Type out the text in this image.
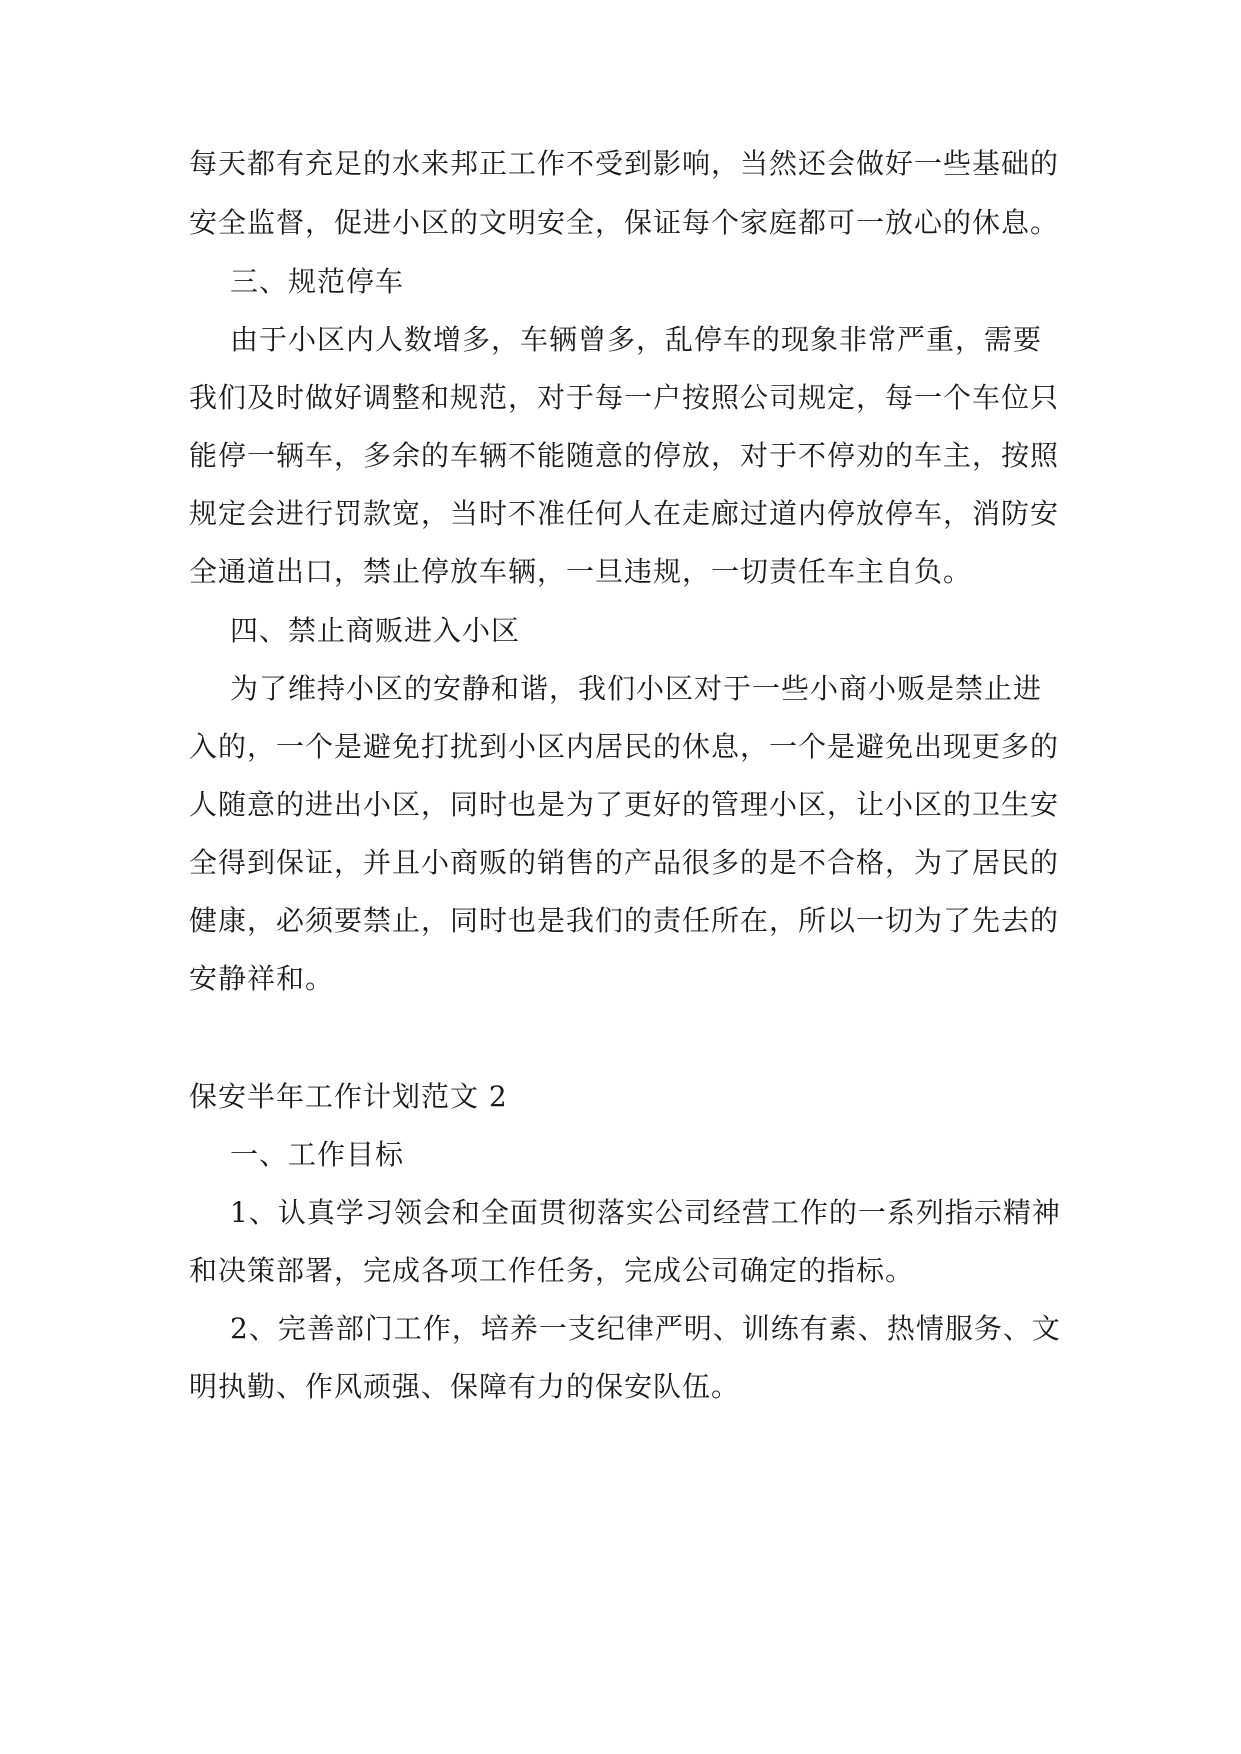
每天都有充足的水来邦正工作不受到影响，当然还会做好一些基础的
安全监督，促进小区的文明安全，保证每个家庭都可一放心的休息。
三、规范停车
由于小区内人数增多，车辆曾多，乱停车的现象非常严重，需要
我们及时做好调整和规范，对于每一户按照公司规定，每一个车位只
能停一辆车，多余的车辆不能随意的停放，对于不停劝的车主，按照
规定会进行罚款宽，当时不准任何人在走廊过道内停放停车，消防安
全通道出口，禁止停放车辆，一旦违规，一切责任车主自负。
四、禁止商贩进入小区
为了维持小区的安静和谐，我们小区对于一些小商小贩是禁止进
入的，一个是避免打扰到小区内居民的休息，一个是避免出现更多的
人随意的进出小区，同时也是为了更好的管理小区，让小区的卫生安
全得到保证，并且小商贩的销售的产品很多的是不合格，为了居民的
健康，必须要禁止，同时也是我们的责任所在，所以一切为了先去的
安静祥和。
保安半年工作计划范文 2
一、工作目标
1、认真学习领会和全面贯彻落实公司经营工作的一系列指示精神
和决策部署，完成各项工作任务，完成公司确定的指标。
2、完善部门工作，培养一支纪律严明、训练有素、热情服务、文
明执勤、作风顽强、保障有力的保安队伍。
